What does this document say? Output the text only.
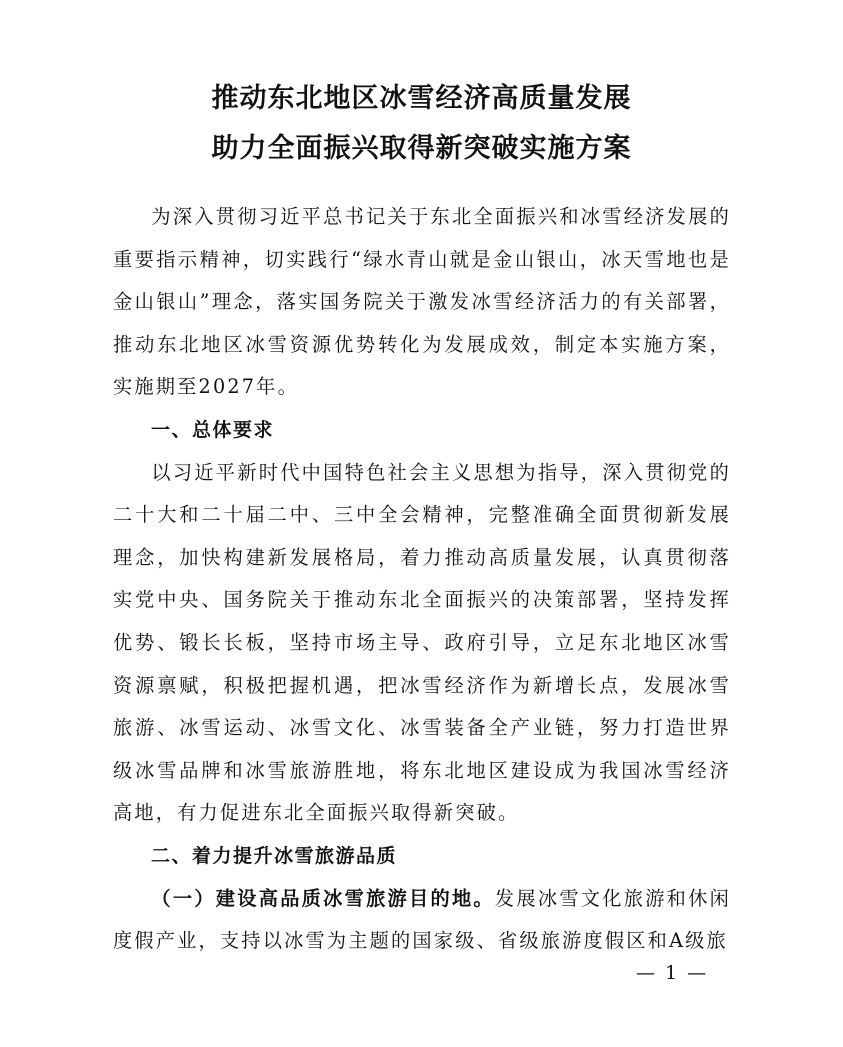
推动东北地区冰雪经济高质量发展
助力全面振兴取得新突破实施方案

为深入贯彻习近平总书记关于东北全面振兴和冰雪经济发展的重要指示精神，切实践行“绿水青山就是金山银山，冰天雪地也是金山银山”理念，落实国务院关于激发冰雪经济活力的有关部署，推动东北地区冰雪资源优势转化为发展成效，制定本实施方案，实施期至2027年。

一、总体要求

以习近平新时代中国特色社会主义思想为指导，深入贯彻党的二十大和二十届二中、三中全会精神，完整准确全面贯彻新发展理念，加快构建新发展格局，着力推动高质量发展，认真贯彻落实党中央、国务院关于推动东北全面振兴的决策部署，坚持发挥优势、锻长长板，坚持市场主导、政府引导，立足东北地区冰雪资源禀赋，积极把握机遇，把冰雪经济作为新增长点，发展冰雪旅游、冰雪运动、冰雪文化、冰雪装备全产业链，努力打造世界级冰雪品牌和冰雪旅游胜地，将东北地区建设成为我国冰雪经济高地，有力促进东北全面振兴取得新突破。

二、着力提升冰雪旅游品质

（一）建设高品质冰雪旅游目的地。发展冰雪文化旅游和休闲度假产业，支持以冰雪为主题的国家级、省级旅游度假区和A级旅

— 1 —
